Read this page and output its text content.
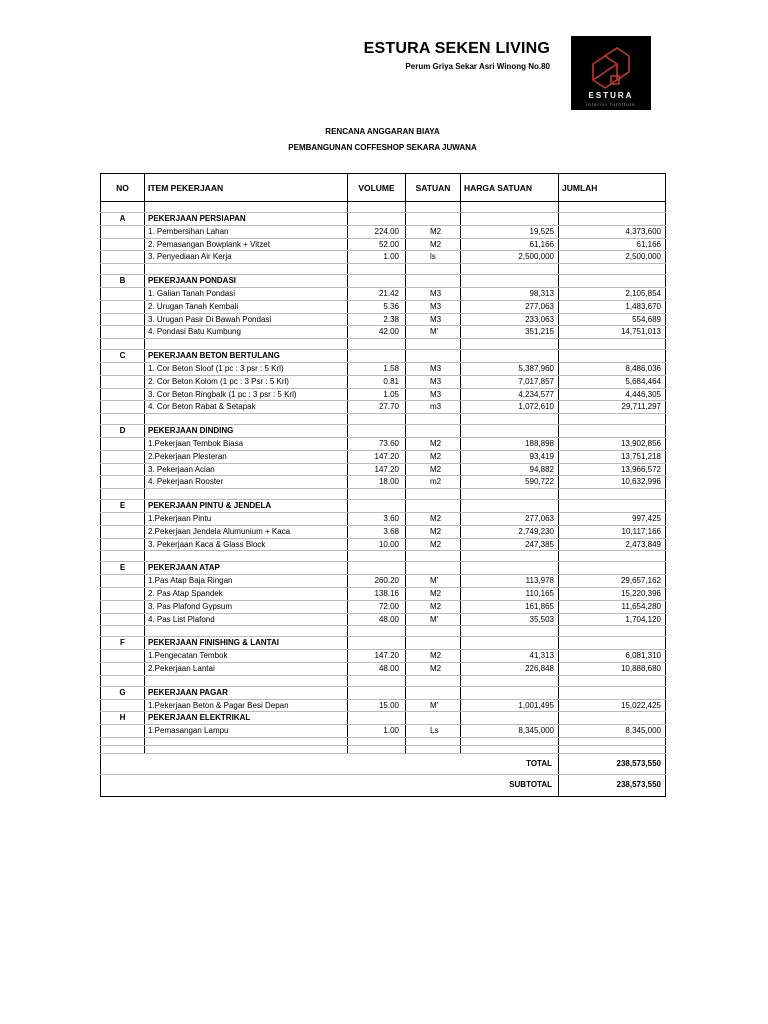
ESTURA SEKEN LIVING
Perum Griya Sekar Asri Winong No.80
ESTURA
interior furniture
RENCANA ANGGARAN BIAYA
PEMBANGUNAN COFFESHOP SEKARA JUWANA
NO	ITEM PEKERJAAN	VOLUME	SATUAN	HARGA SATUAN	JUMLAH

A	PEKERJAAN PERSIAPAN				
	1. Pembersihan Lahan	224.00	M2	19,525	4,373,600
	2. Pemasangan Bowplank + Vitzet	52.00	M2	61,166	61,166
	3. Penyediaan Air Kerja	1.00	ls	2,500,000	2,500,000

B	PEKERJAAN PONDASI				
	1. Galian Tanah Pondasi	21.42	M3	98,313	2,105,854
	2. Urugan Tanah Kembali	5.36	M3	277,063	1,483,670
	3. Urugan Pasir Di Bawah Pondasi	2.38	M3	233,063	554,689
	4. Pondasi Batu Kumbung	42.00	M'	351,215	14,751,013

C	PEKERJAAN BETON BERTULANG				
	1. Cor Beton Sloof (1 pc : 3 psr : 5 Krl)	1.58	M3	5,387,960	8,486,036
	2. Cor Beton Kolom (1 pc : 3 Psr : 5 Krl)	0.81	M3	7,017,857	5,684,464
	3. Cor Beton Ringbalk (1 pc : 3 psr : 5 Krl)	1.05	M3	4,234,577	4,446,305
	4. Cor Beton Rabat & Setapak	27.70	m3	1,072,610	29,711,297

D	PEKERJAAN DINDING				
	1.Pekerjaan Tembok Biasa	73.60	M2	188,898	13,902,856
	2.Pekerjaan Plesteran	147.20	M2	93,419	13,751,218
	3. Pekerjaan Acian	147.20	M2	94,882	13,966,572
	4. Pekerjaan Rooster	18.00	m2	590,722	10,632,996

E	PEKERJAAN PINTU & JENDELA				
	1.Pekerjaan Pintu	3.60	M2	277,063	997,425
	2.Pekerjaan Jendela Alumunium + Kaca	3.68	M2	2,749,230	10,117,166
	3. Pekerjaan Kaca & Glass Block	10.00	M2	247,385	2,473,849

E	PEKERJAAN ATAP				
	1.Pas Atap Baja Ringan	260.20	M'	113,978	29,657,162
	2. Pas Atap Spandek	138.16	M2	110,165	15,220,396
	3. Pas Plafond Gypsum	72.00	M2	161,865	11,654,280
	4. Pas List Plafond	48.00	M'	35,503	1,704,120

F	PEKERJAAN FINISHING & LANTAI				
	1.Pengecatan Tembok	147.20	M2	41,313	6,081,310
	2.Pekerjaan Lantai	48.00	M2	226,848	10,888,680

G	PEKERJAAN PAGAR				
	1.Pekerjaan Beton & Pagar Besi Depan	15.00	M'	1,001,495	15,022,425
H	PEKERJAAN ELEKTRIKAL				
	1.Pemasangan Lampu	1.00	Ls	8,345,000	8,345,000

TOTAL					238,573,550
SUBTOTAL					238,573,550
